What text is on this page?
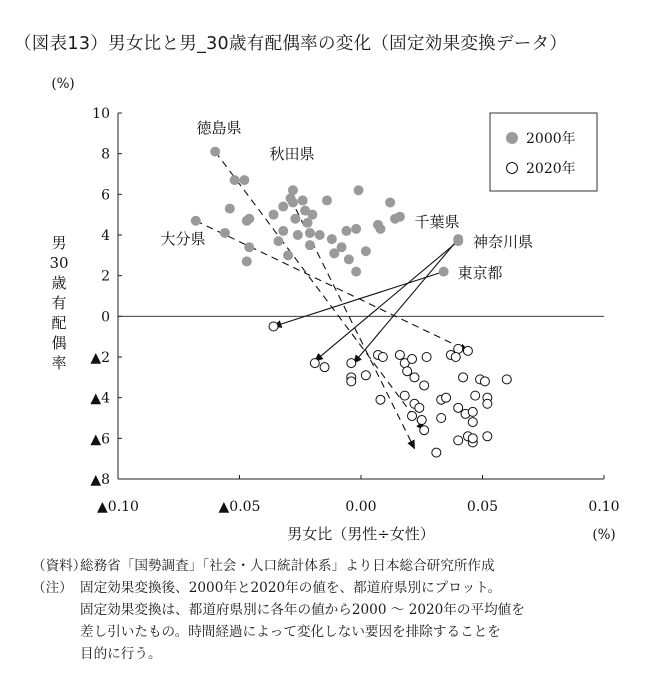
（図表13）男女比と男_30歳有配偶率の変化（固定効果変換データ）
10
8
6
4
2
0
▲2
▲4
▲6
▲8
▲0.10	▲0.05	0.00	0.05	0.10
(%)
(%)
男女比（男性÷女性）
男
30
歳
有
配
偶
率
徳島県
秋田県
大分県
千葉県
神奈川県
東京都
2000年
2020年
（資料）総務省「国勢調査」「社会・人口統計体系」より日本総合研究所作成
（注） 固定効果変換後、2000年と2020年の値を、都道府県別にプロット。
固定効果変換は、都道府県別に各年の値から2000 ～ 2020年の平均値を
差し引いたもの。時間経過によって変化しない要因を排除することを
目的に行う。
